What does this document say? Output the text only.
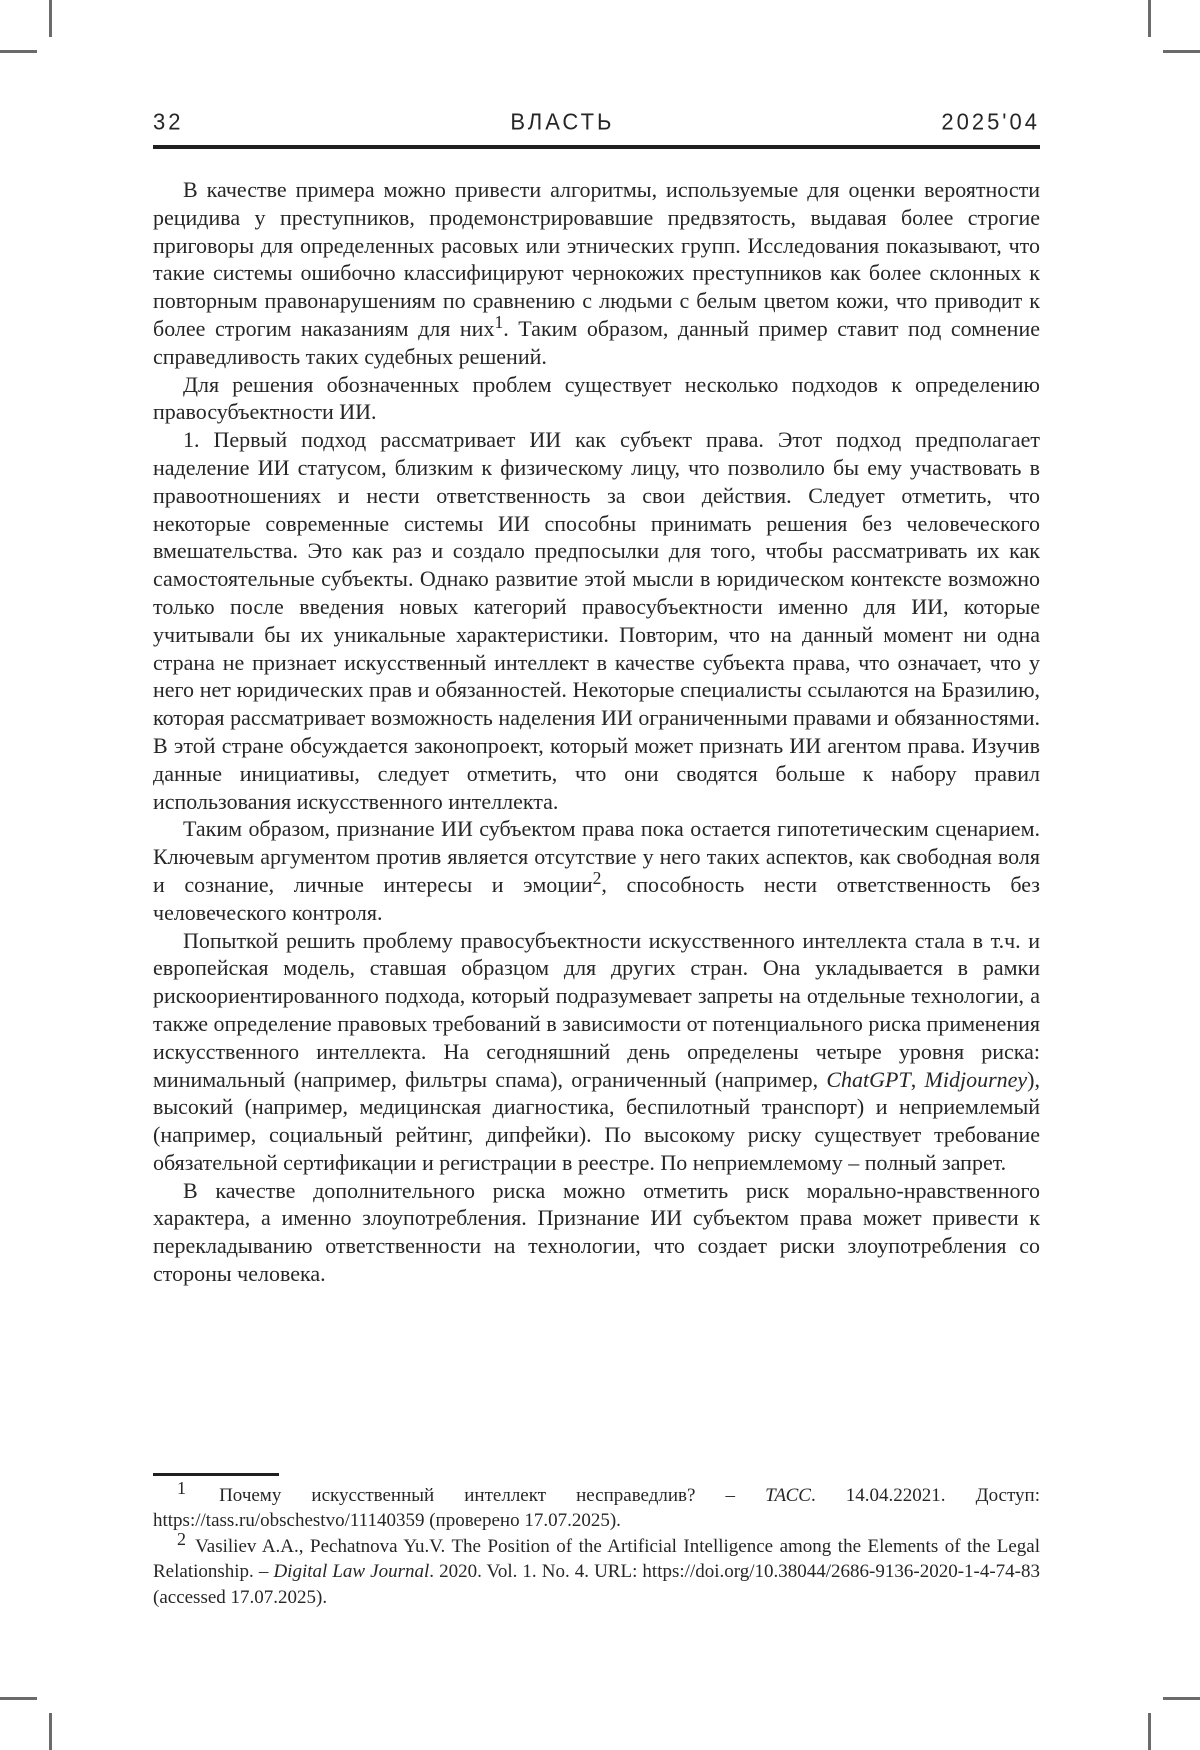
32	ВЛАСТЬ	2025'04

В качестве примера можно привести алгоритмы, используемые для оценки вероятности рецидива у преступников, продемонстрировавшие предвзятость, выдавая более строгие приговоры для определенных расовых или этнических групп. Исследования показывают, что такие системы ошибочно классифицируют чернокожих преступников как более склонных к повторным правонарушениям по сравнению с людьми с белым цветом кожи, что приводит к более строгим наказаниям для них$^1$. Таким образом, данный пример ставит под сомнение справедливость таких судебных решений.

Для решения обозначенных проблем существует несколько подходов к определению правосубъектности ИИ.

1. Первый подход рассматривает ИИ как субъект права. Этот подход предполагает наделение ИИ статусом, близким к физическому лицу, что позволило бы ему участвовать в правоотношениях и нести ответственность за свои действия. Следует отметить, что некоторые современные системы ИИ способны принимать решения без человеческого вмешательства. Это как раз и создало предпосылки для того, чтобы рассматривать их как самостоятельные субъекты. Однако развитие этой мысли в юридическом контексте возможно только после введения новых категорий правосубъектности именно для ИИ, которые учитывали бы их уникальные характеристики. Повторим, что на данный момент ни одна страна не признает искусственный интеллект в качестве субъекта права, что означает, что у него нет юридических прав и обязанностей. Некоторые специалисты ссылаются на Бразилию, которая рассматривает возможность наделения ИИ ограниченными правами и обязанностями. В этой стране обсуждается законопроект, который может признать ИИ агентом права. Изучив данные инициативы, следует отметить, что они сводятся больше к набору правил использования искусственного интеллекта.

Таким образом, признание ИИ субъектом права пока остается гипотетическим сценарием. Ключевым аргументом против является отсутствие у него таких аспектов, как свободная воля и сознание, личные интересы и эмоции$^2$, способность нести ответственность без человеческого контроля.

Попыткой решить проблему правосубъектности искусственного интеллекта стала в т.ч. и европейская модель, ставшая образцом для других стран. Она укладывается в рамки рискоориентированного подхода, который подразумевает запреты на отдельные технологии, а также определение правовых требований в зависимости от потенциального риска применения искусственного интеллекта. На сегодняшний день определены четыре уровня риска: минимальный (например, фильтры спама), ограниченный (например, ChatGPT, Midjourney), высокий (например, медицинская диагностика, беспилотный транспорт) и неприемлемый (например, социальный рейтинг, дипфейки). По высокому риску существует требование обязательной сертификации и регистрации в реестре. По неприемлемому – полный запрет.

В качестве дополнительного риска можно отметить риск морально-нравственного характера, а именно злоупотребления. Признание ИИ субъектом права может привести к перекладыванию ответственности на технологии, что создает риски злоупотребления со стороны человека.

1 Почему искусственный интеллект несправедлив? – ТАСС. 14.04.22021. Доступ: https://tass.ru/obschestvo/11140359 (проверено 17.07.2025).

2 Vasiliev A.A., Pechatnova Yu.V. The Position of the Artificial Intelligence among the Elements of the Legal Relationship. – Digital Law Journal. 2020. Vol. 1. No. 4. URL: https://doi.org/10.38044/2686-9136-2020-1-4-74-83 (accessed 17.07.2025).
